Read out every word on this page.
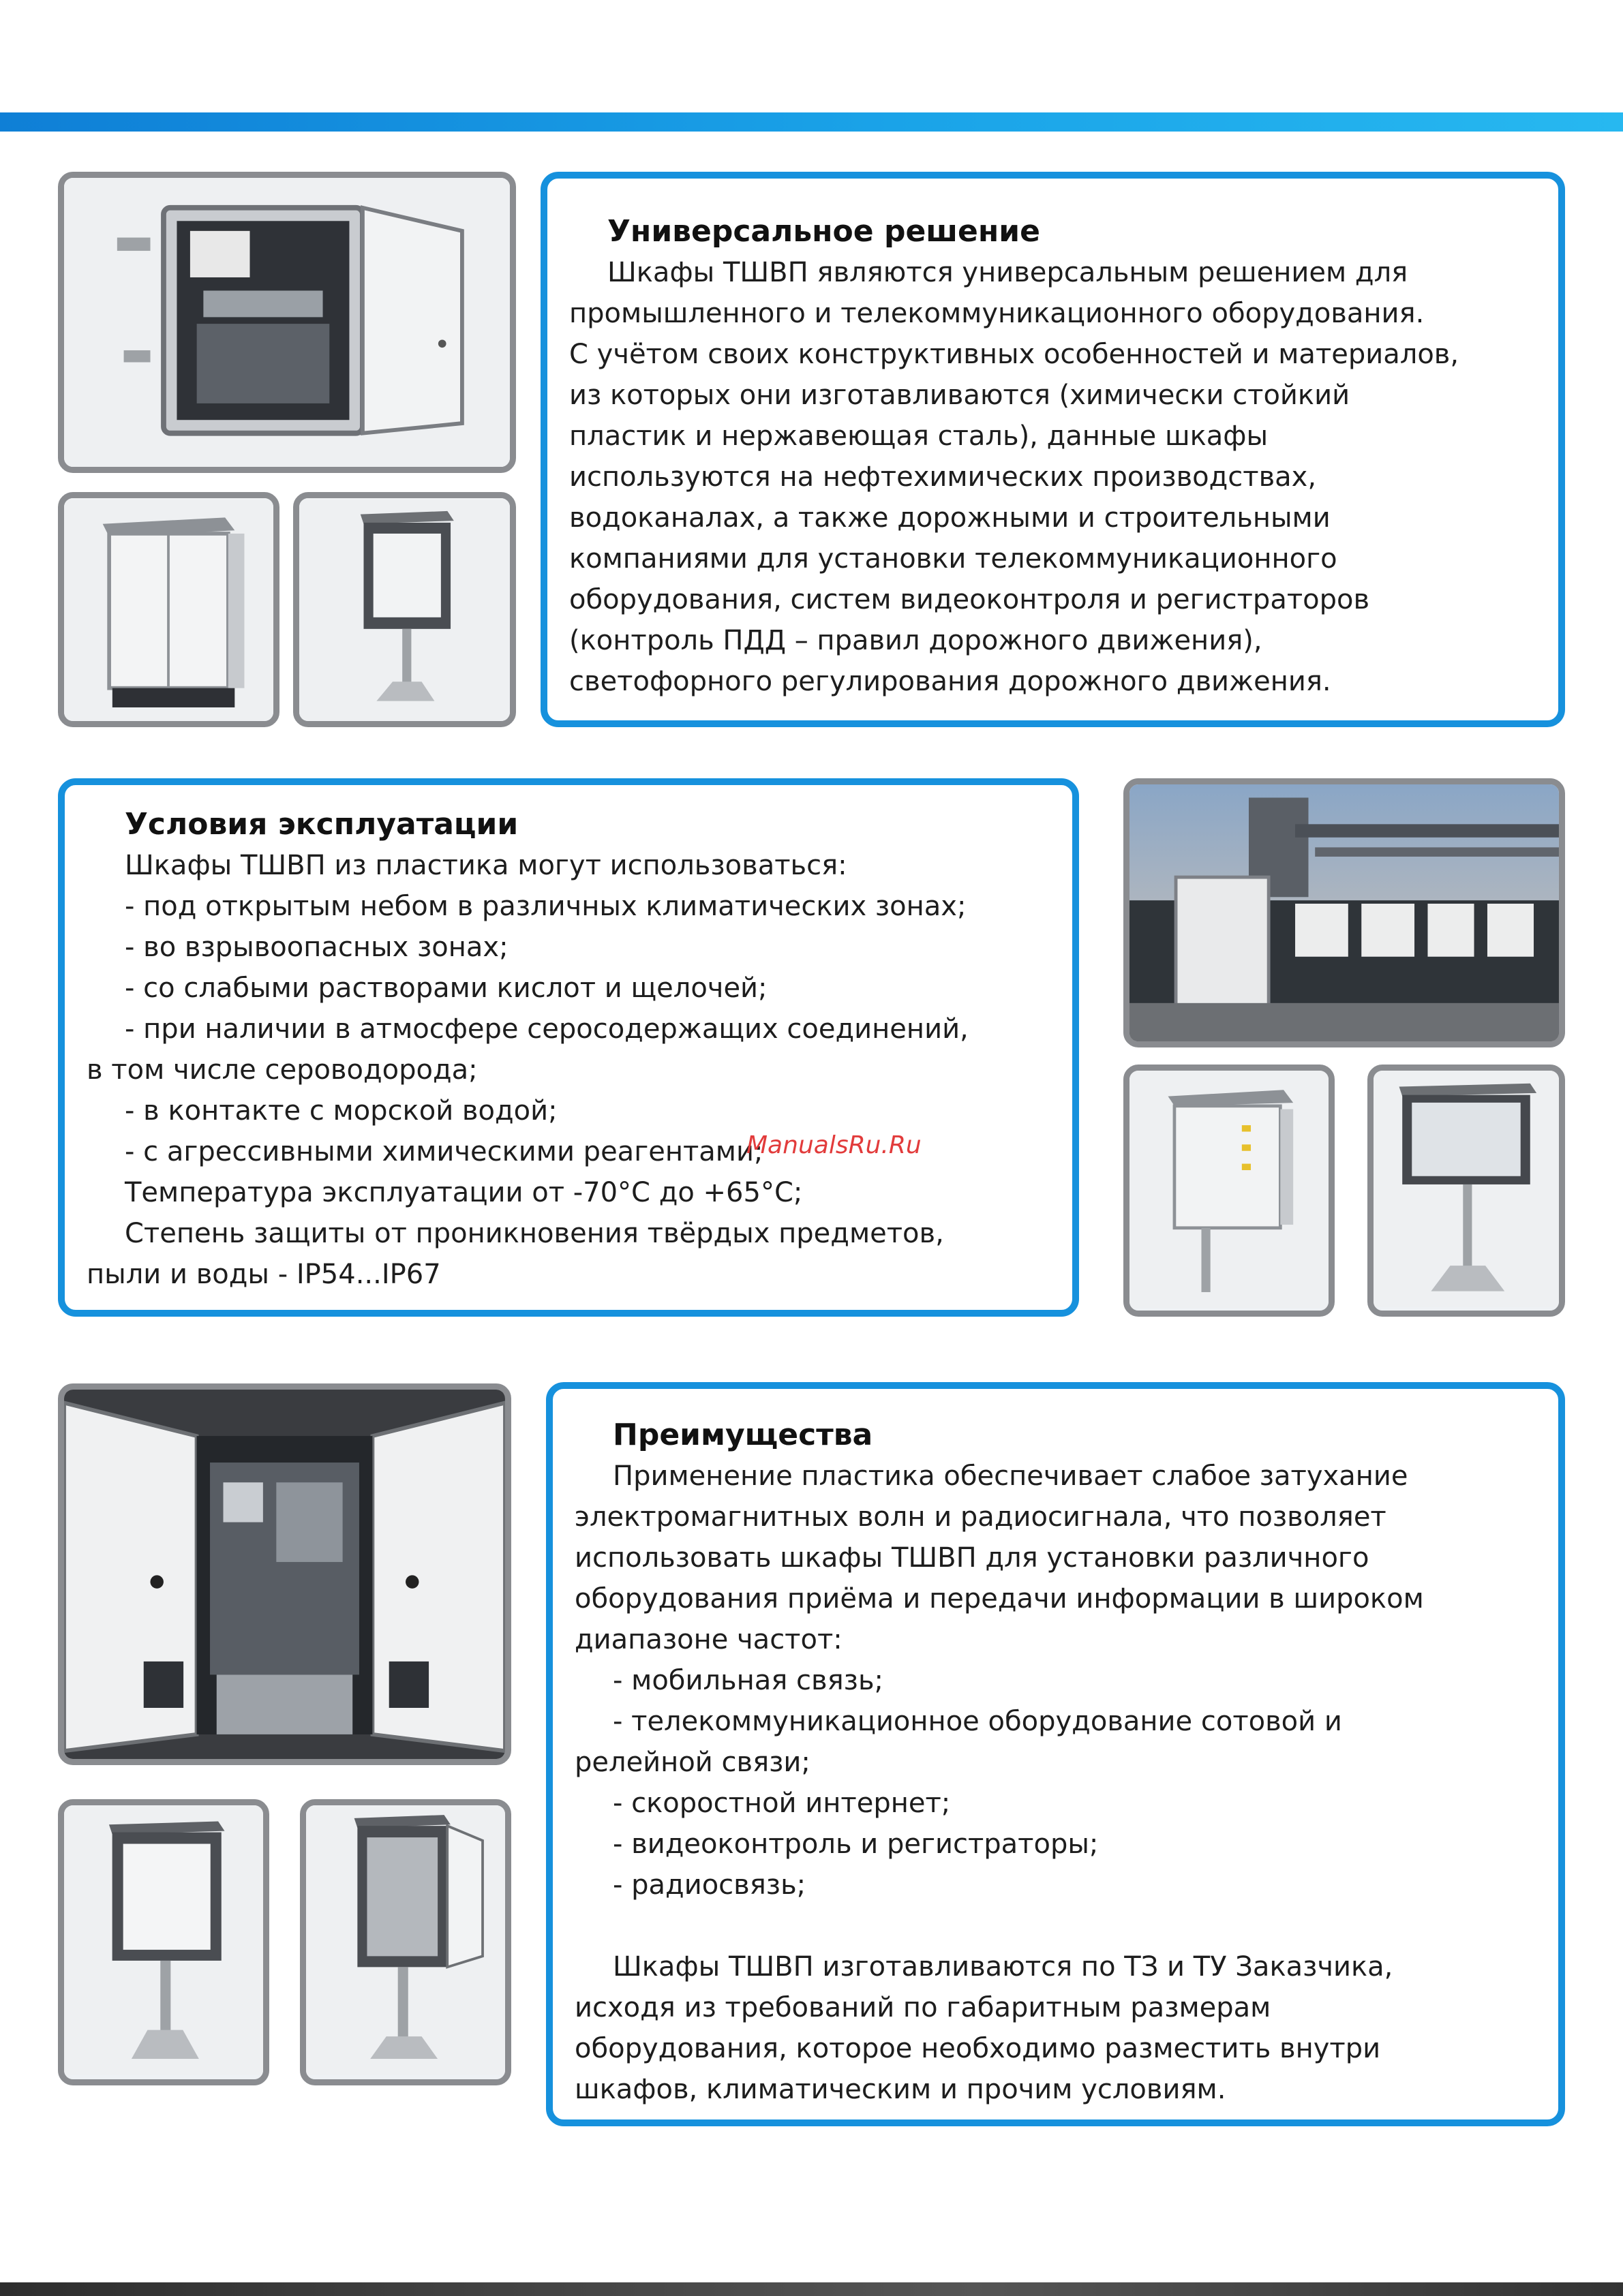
Универсальное решение

Шкафы ТШВП являются универсальным решением для

промышленного и телекоммуникационного оборудования.

С учётом своих конструктивных особенностей и материалов,

из которых они изготавливаются (химически стойкий

пластик и нержавеющая сталь), данные шкафы

используются на нефтехимических производствах,

водоканалах, а также дорожными и строительными

компаниями для установки телекоммуникационного

оборудования, систем видеоконтроля и регистраторов

(контроль ПДД – правил дорожного движения),

светофорного регулирования дорожного движения.

Условия эксплуатации

Шкафы ТШВП из пластика могут использоваться:

- под открытым небом в различных климатических зонах;

- во взрывоопасных зонах;

- со слабыми растворами кислот и щелочей;

- при наличии в атмосфере серосодержащих соединений,

в том числе сероводорода;

- в контакте с морской водой;

- с агрессивными химическими реагентами;

Температура эксплуатации от -70°С до +65°С;

Степень защиты от проникновения твёрдых предметов,

пыли и воды - IP54...IP67

ManualsRu.Ru
Преимущества

Применение пластика обеспечивает слабое затухание

электромагнитных волн и радиосигнала, что позволяет

использовать шкафы ТШВП для установки различного

оборудования приёма и передачи информации в широком

диапазоне частот:

- мобильная связь;

- телекоммуникационное оборудование сотовой и

релейной связи;

- скоростной интернет;

- видеоконтроль и регистраторы;

- радиосвязь;

Шкафы ТШВП изготавливаются по ТЗ и ТУ Заказчика,

исходя из требований по габаритным размерам

оборудования, которое необходимо разместить внутри

шкафов, климатическим и прочим условиям.
